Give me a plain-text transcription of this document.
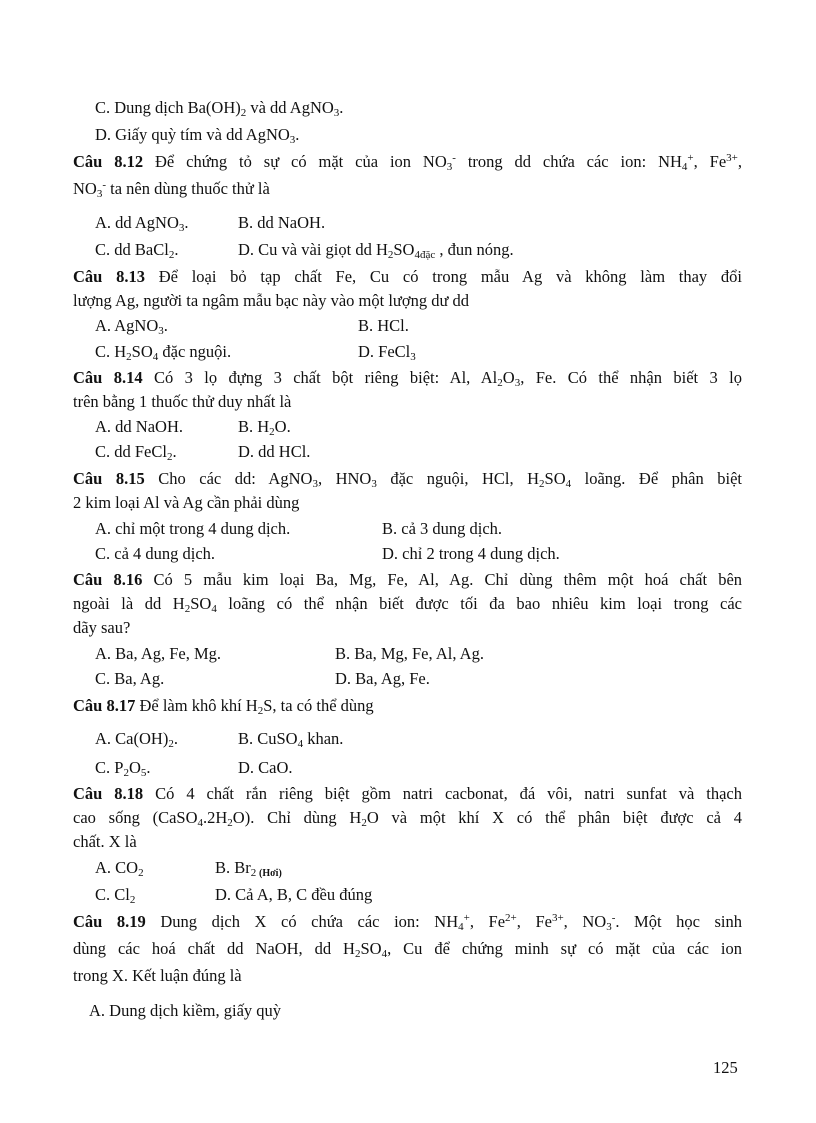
C. Dung dịch $Ba(OH)_2$ và dd AgNO$_3$.
D. Giấy quỳ tím và dd AgNO$_3$.
Câu 8.12 Để chứng tỏ sự có mặt của ion $NO_3^-$ trong dd chứa các ion: $NH_4^+$, $Fe^{3+}$,
$NO_3^-$ ta nên dùng thuốc thử là
A. dd AgNO$_3$.	B. dd NaOH.
C. dd BaCl$_2$.	D. Cu và vài giọt dd $H_2SO_{4đặc}$ , đun nóng.
Câu 8.13 Để loại bỏ tạp chất Fe, Cu có trong mẫu Ag và không làm thay đổi
lượng Ag, người ta ngâm mẫu bạc này vào một lượng dư dd
A. AgNO$_3$.	B. HCl.
C. $H_2SO_4$ đặc nguội.	D. FeCl$_3$
Câu 8.14 Có 3 lọ đựng 3 chất bột riêng biệt: Al, $Al_2O_3$, Fe. Có thể nhận biết 3 lọ
trên bằng 1 thuốc thử duy nhất là
A. dd NaOH.	B. $H_2O$.
C. dd FeCl$_2$.	D. dd HCl.
Câu 8.15 Cho các dd: AgNO$_3$, $HNO_3$ đặc nguội, HCl, $H_2SO_4$ loãng. Để phân biệt
2 kim loại Al và Ag cần phải dùng
A. chỉ một trong 4 dung dịch.	B. cả 3 dung dịch.
C. cả 4 dung dịch.	D. chỉ 2 trong 4 dung dịch.
Câu 8.16 Có 5 mẫu kim loại Ba, Mg, Fe, Al, Ag. Chỉ dùng thêm một hoá chất bên
ngoài là dd $H_2SO_4$ loãng có thể nhận biết được tối đa bao nhiêu kim loại trong các
dãy sau?
A. Ba, Ag, Fe, Mg.	B. Ba, Mg, Fe, Al, Ag.
C. Ba, Ag.	D. Ba, Ag, Fe.
Câu 8.17 Để làm khô khí $H_2S$, ta có thể dùng
A. $Ca(OH)_2$.	B. CuSO$_4$ khan.
C. $P_2O_5$.	D. CaO.
Câu 8.18 Có 4 chất rắn riêng biệt gồm natri cacbonat, đá vôi, natri sunfat và thạch
cao sống $(CaSO_4.2H_2O)$. Chỉ dùng $H_2O$ và một khí X có thể phân biệt được cả 4
chất. X là
A. $CO_2$	B. $Br_{2 (Hơi)}$
C. $Cl_2$	D. Cả A, B, C đều đúng
Câu 8.19 Dung dịch X có chứa các ion: $NH_4^+$, $Fe^{2+}$, $Fe^{3+}$, $NO_3^-$. Một học sinh
dùng các hoá chất dd NaOH, dd $H_2SO_4$, Cu để chứng minh sự có mặt của các ion
trong X. Kết luận đúng là
A. Dung dịch kiềm, giấy quỳ
125
